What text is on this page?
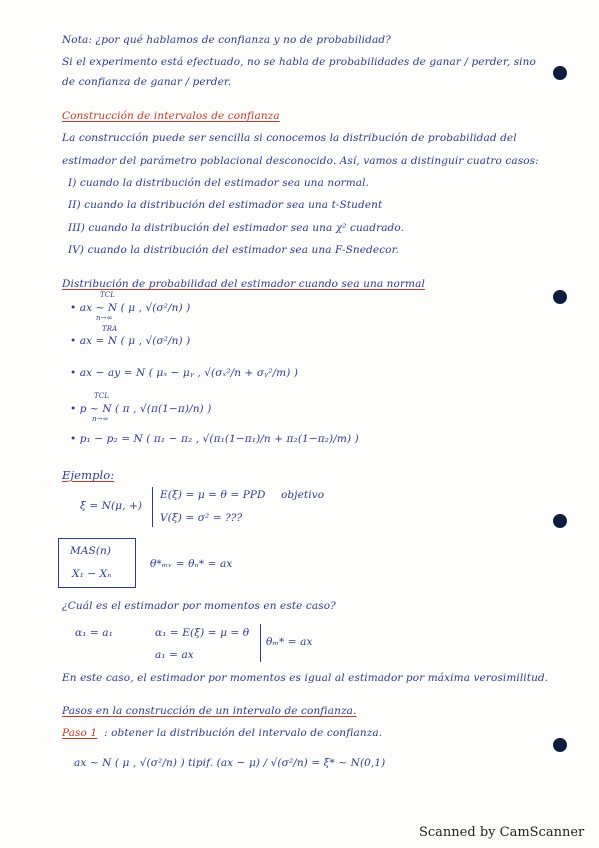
Nota: ¿por qué hablamos de confianza y no de probabilidad?
Si el experimento está efectuado, no se habla de probabilidades de ganar / perder, sino
de confianza de ganar / perder.
Construcción de intervalos de confianza
La construcción puede ser sencilla si conocemos la distribución de probabilidad del
estimador del parámetro poblacional desconocido. Así, vamos a distinguir cuatro casos:
I) cuando la distribución del estimador sea una normal.
II) cuando la distribución del estimador sea una t-Student
III) cuando la distribución del estimador sea una χ² cuadrado.
IV) cuando la distribución del estimador sea una F-Snedecor.
Distribución de probabilidad del estimador cuando sea una normal
• ax ~ N ( μ , √(σ²/n) )
TCL
n→∞
• ax = N ( μ , √(σ²/n) )
TRA
• ax − ay = N ( μₓ − μᵧ , √(σₓ²/n + σᵧ²/m) )
• p ~ N ( π , √(π(1−π)/n) )
TCL
n→∞
• p₁ − p₂ = N ( π₁ − π₂ , √(π₁(1−π₁)/n + π₂(1−π₂)/m) )
Ejemplo:
ξ = N(μ, +)
E(ξ) = μ = θ = PPD objetivo
V(ξ) = σ² = ???
MAS(n)
X₁ − Xₙ
θ*ₘᵥ = θₙ* = ax
¿Cuál es el estimador por momentos en este caso?
α₁ = a₁	α₁ = E(ξ) = μ = θ
a₁ = ax
θₘ* = ax
En este caso, el estimador por momentos es igual al estimador por máxima verosimilitud.
Pasos en la construcción de un intervalo de confianza.
Paso 1 : obtener la distribución del intervalo de confianza.
ax ~ N ( μ , √(σ²/n) ) tipif. (ax − μ) / √(σ²/n) = ξ* ~ N(0,1)
Scanned by CamScanner
